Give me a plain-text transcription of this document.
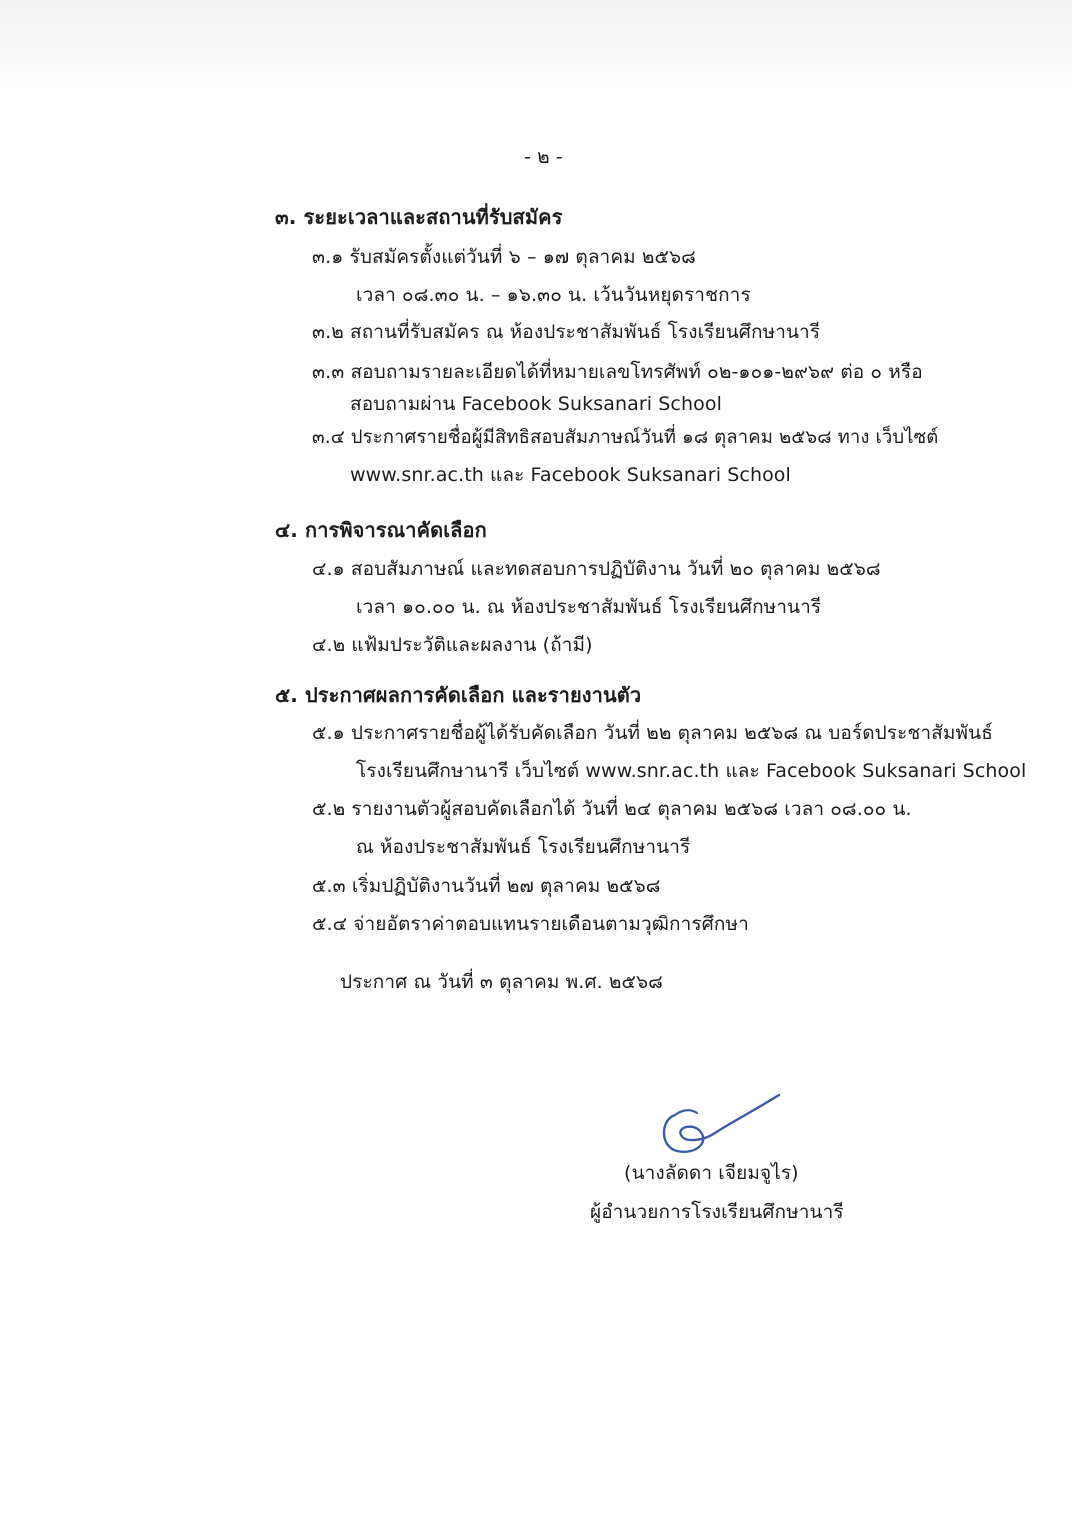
- ๒ -
๓. ระยะเวลาและสถานที่รับสมัคร
๓.๑ รับสมัครตั้งแต่วันที่ ๖ – ๑๗ ตุลาคม ๒๕๖๘
เวลา ๐๘.๓๐ น. – ๑๖.๓๐ น. เว้นวันหยุดราชการ
๓.๒ สถานที่รับสมัคร ณ ห้องประชาสัมพันธ์ โรงเรียนศึกษานารี
๓.๓ สอบถามรายละเอียดได้ที่หมายเลขโทรศัพท์ ๐๒-๑๐๑-๒๙๖๙ ต่อ ๐ หรือ
สอบถามผ่าน Facebook Suksanari School
๓.๔ ประกาศรายชื่อผู้มีสิทธิสอบสัมภาษณ์วันที่ ๑๘ ตุลาคม ๒๕๖๘ ทาง เว็บไซต์
www.snr.ac.th และ Facebook Suksanari School
๔. การพิจารณาคัดเลือก
๔.๑ สอบสัมภาษณ์ และทดสอบการปฏิบัติงาน วันที่ ๒๐ ตุลาคม ๒๕๖๘
เวลา ๑๐.๐๐ น. ณ ห้องประชาสัมพันธ์ โรงเรียนศึกษานารี
๔.๒ แฟ้มประวัติและผลงาน (ถ้ามี)
๕. ประกาศผลการคัดเลือก และรายงานตัว
๕.๑ ประกาศรายชื่อผู้ได้รับคัดเลือก วันที่ ๒๒ ตุลาคม ๒๕๖๘ ณ บอร์ดประชาสัมพันธ์
โรงเรียนศึกษานารี เว็บไซต์ www.snr.ac.th และ Facebook Suksanari School
๕.๒ รายงานตัวผู้สอบคัดเลือกได้ วันที่ ๒๔ ตุลาคม ๒๕๖๘ เวลา ๐๘.๐๐ น.
ณ ห้องประชาสัมพันธ์ โรงเรียนศึกษานารี
๕.๓ เริ่มปฏิบัติงานวันที่ ๒๗ ตุลาคม ๒๕๖๘
๕.๔ จ่ายอัตราค่าตอบแทนรายเดือนตามวุฒิการศึกษา
ประกาศ ณ วันที่ ๓ ตุลาคม พ.ศ. ๒๕๖๘
(นางลัดดา เจียมจูไร)
ผู้อำนวยการโรงเรียนศึกษานารี
